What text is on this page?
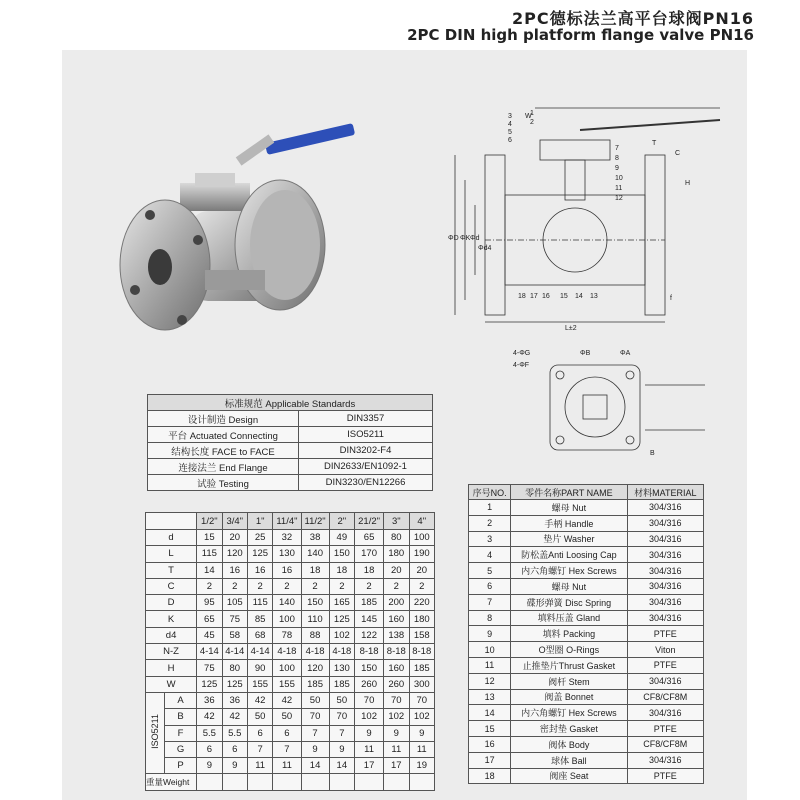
2PC德标法兰高平台球阀PN16
2PC DIN high platform flange valve PN16
W
T
C
H
ΦD ΦK Φd
Φd4
L±2
f
3
4
5
6
1
2
7
8
9
10
11
12
18 17 16 15 14 13
4-ΦG
4-ΦF
ΦB	ΦA
B
标准规范 Applicable Standards	
设计制造 Design	DIN3357
平台 Actuated Connecting	ISO5211
结构长度 FACE to FACE	DIN3202-F4
连接法兰 End Flange	DIN2633/EN1092-1
试验 Testing	DIN3230/EN12266
		1/2"	3/4"	1"	11/4"	11/2"	2"	21/2"	3"	4"
d		15	20	25	32	38	49	65	80	100
L		115	120	125	130	140	150	170	180	190
T		14	16	16	16	18	18	18	20	20
C		2	2	2	2	2	2	2	2	2
D		95	105	115	140	150	165	185	200	220
K		65	75	85	100	110	125	145	160	180
d4		45	58	68	78	88	102	122	138	158
N-Z		4-14	4-14	4-14	4-18	4-18	4-18	8-18	8-18	8-18
H		75	80	90	100	120	130	150	160	185
W		125	125	155	155	185	185	260	260	300
ISO5211	A	36	36	42	42	50	50	70	70	70
	B	42	42	50	50	70	70	102	102	102
	F	5.5	5.5	6	6	7	7	9	9	9
	G	6	6	7	7	9	9	11	11	11
	P	9	9	11	11	14	14	17	17	19
重量Weight										
序号NO.	零件名称PART NAME	材料MATERIAL
1	螺母 Nut	304/316
2	手柄 Handle	304/316
3	垫片 Washer	304/316
4	防松盖Anti Loosing Cap	304/316
5	内六角螺钉 Hex Screws	304/316
6	螺母 Nut	304/316
7	碟形弹簧 Disc Spring	304/316
8	填料压盖 Gland	304/316
9	填料 Packing	PTFE
10	O型圈 O-Rings	Viton
11	止推垫片Thrust Gasket	PTFE
12	阀杆 Stem	304/316
13	阀盖 Bonnet	CF8/CF8M
14	内六角螺钉 Hex Screws	304/316
15	密封垫 Gasket	PTFE
16	阀体 Body	CF8/CF8M
17	球体 Ball	304/316
18	阀座 Seat	PTFE
